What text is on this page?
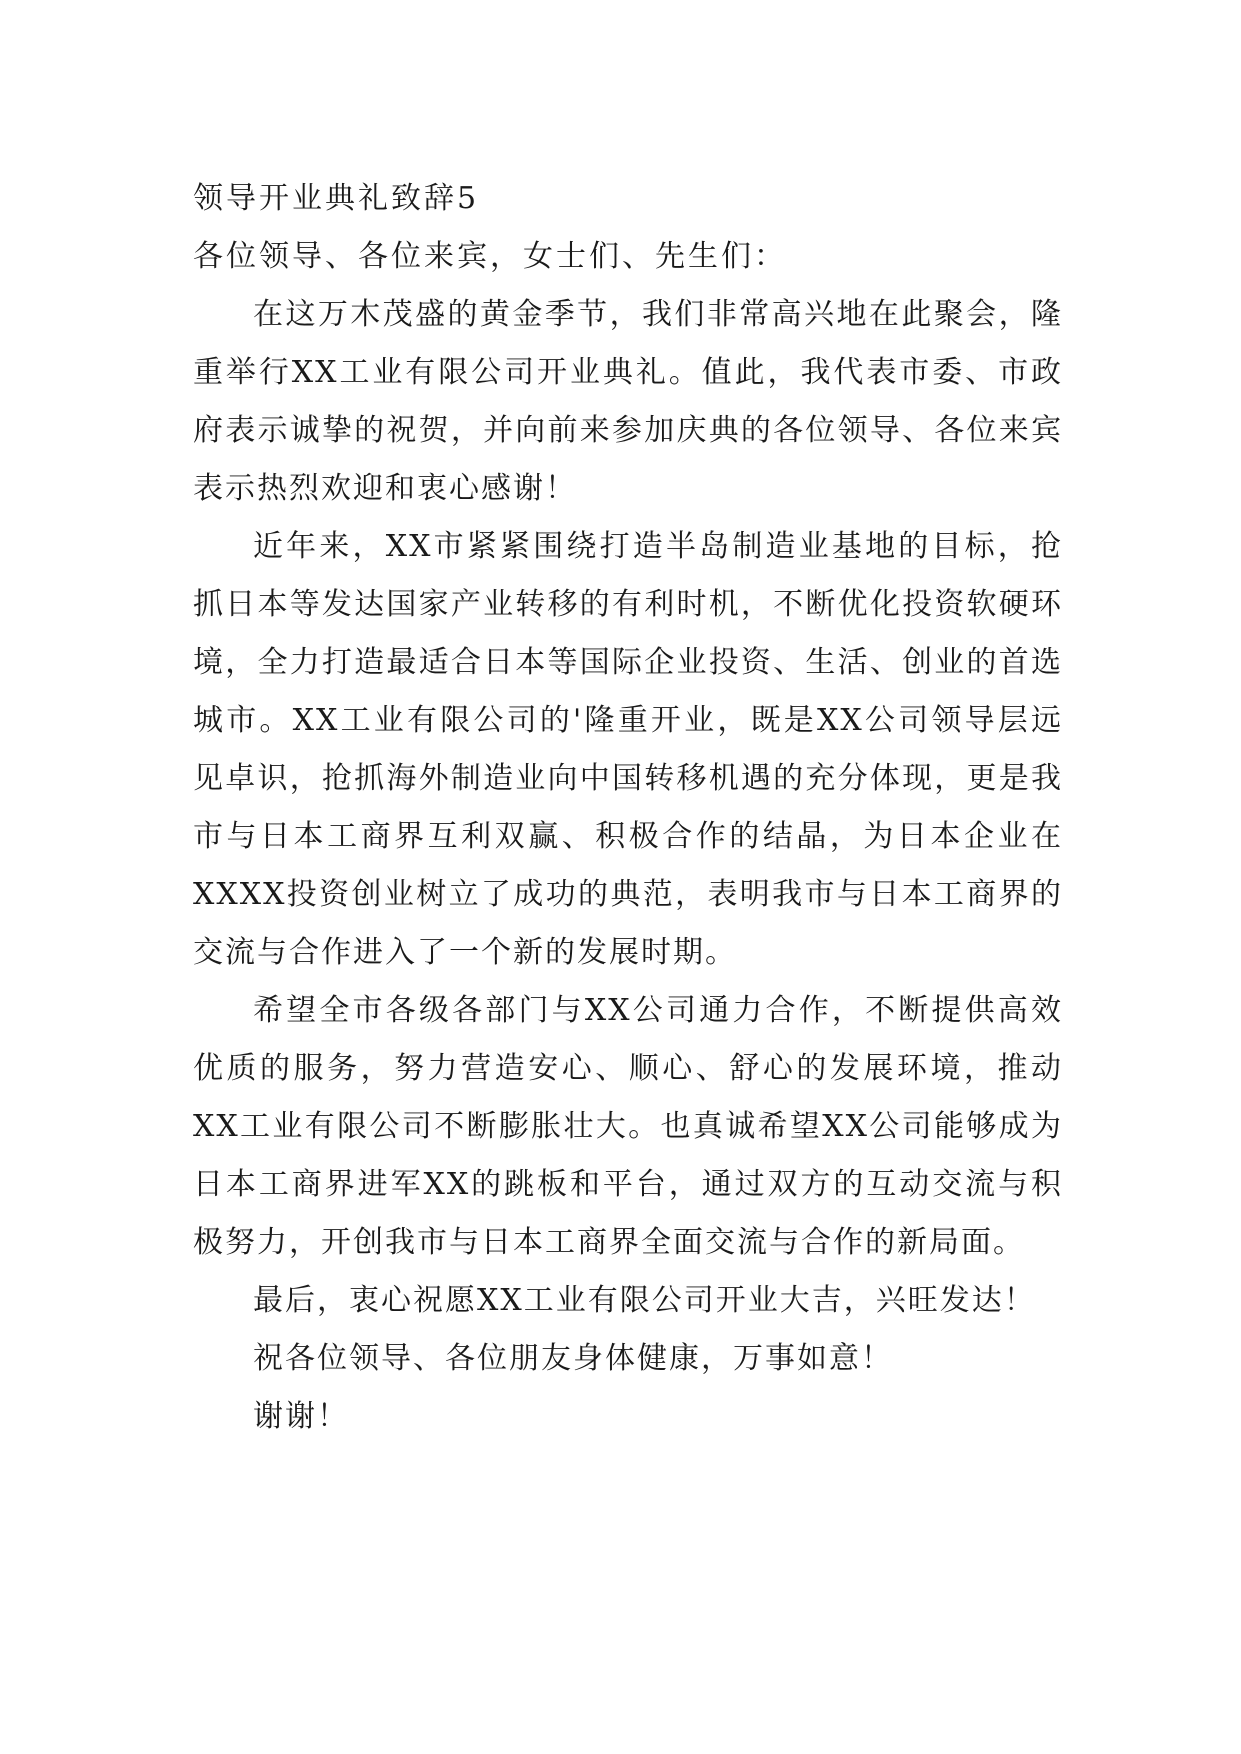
领导开业典礼致辞5

各位领导、各位来宾，女士们、先生们：

在这万木茂盛的黄金季节，我们非常高兴地在此聚会，隆重举行XX工业有限公司开业典礼。值此，我代表市委、市政府表示诚挚的祝贺，并向前来参加庆典的各位领导、各位来宾表示热烈欢迎和衷心感谢！

近年来，XX市紧紧围绕打造半岛制造业基地的目标，抢抓日本等发达国家产业转移的有利时机，不断优化投资软硬环境，全力打造最适合日本等国际企业投资、生活、创业的首选城市。XX工业有限公司的'隆重开业，既是XX公司领导层远见卓识，抢抓海外制造业向中国转移机遇的充分体现，更是我市与日本工商界互利双赢、积极合作的结晶，为日本企业在XXXX投资创业树立了成功的典范，表明我市与日本工商界的交流与合作进入了一个新的发展时期。

希望全市各级各部门与XX公司通力合作，不断提供高效优质的服务，努力营造安心、顺心、舒心的发展环境，推动XX工业有限公司不断膨胀壮大。也真诚希望XX公司能够成为日本工商界进军XX的跳板和平台，通过双方的互动交流与积极努力，开创我市与日本工商界全面交流与合作的新局面。

最后，衷心祝愿XX工业有限公司开业大吉，兴旺发达！

祝各位领导、各位朋友身体健康，万事如意！

谢谢！
